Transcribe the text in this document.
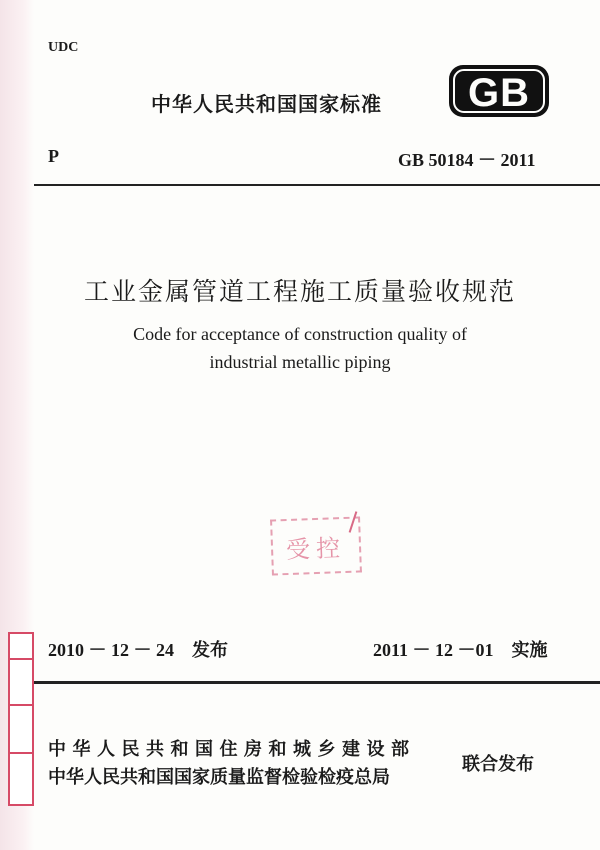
UDC
中华人民共和国国家标准 GB
P	GB 50184 － 2011
工业金属管道工程施工质量验收规范
Code for acceptance of construction quality of
industrial metallic piping
受控
2010 － 12 － 24 发布	2011 － 12 －01 实施
中华人民共和国住房和城乡建设部
中华人民共和国国家质量监督检验检疫总局
联合发布
